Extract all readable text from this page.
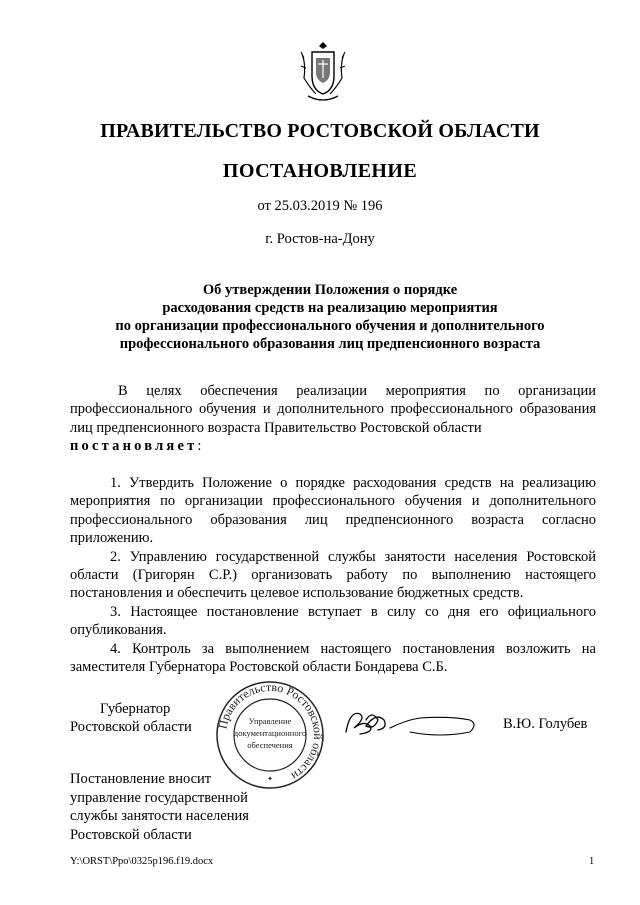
ПРАВИТЕЛЬСТВО РОСТОВСКОЙ ОБЛАСТИ
ПОСТАНОВЛЕНИЕ
от 25.03.2019 № 196
г. Ростов-на-Дону
Об утверждении Положения о порядке
расходования средств на реализацию мероприятия
по организации профессионального обучения и дополнительного
профессионального образования лиц предпенсионного возраста
В целях обеспечения реализации мероприятия по организации профессионального обучения и дополнительного профессионального образования лиц предпенсионного возраста Правительство Ростовской области
постановляет:

1. Утвердить Положение о порядке расходования средств на реализацию мероприятия по организации профессионального обучения и дополнительного профессионального образования лиц предпенсионного возраста согласно приложению.

2. Управлению государственной службы занятости населения Ростовской области (Григорян С.Р.) организовать работу по выполнению настоящего постановления и обеспечить целевое использование бюджетных средств.

3. Настоящее постановление вступает в силу со дня его официального опубликования.

4. Контроль за выполнением настоящего постановления возложить на заместителя Губернатора Ростовской области Бондарева С.Б.

Губернатор
Ростовской области Правительство Ростовской области
Управление
документационного
обеспечения
✦
В.Ю. Голубев
Постановление вносит
управление государственной
службы занятости населения
Ростовской области
Y:\ORST\Ppo\0325p196.f19.docx	1
